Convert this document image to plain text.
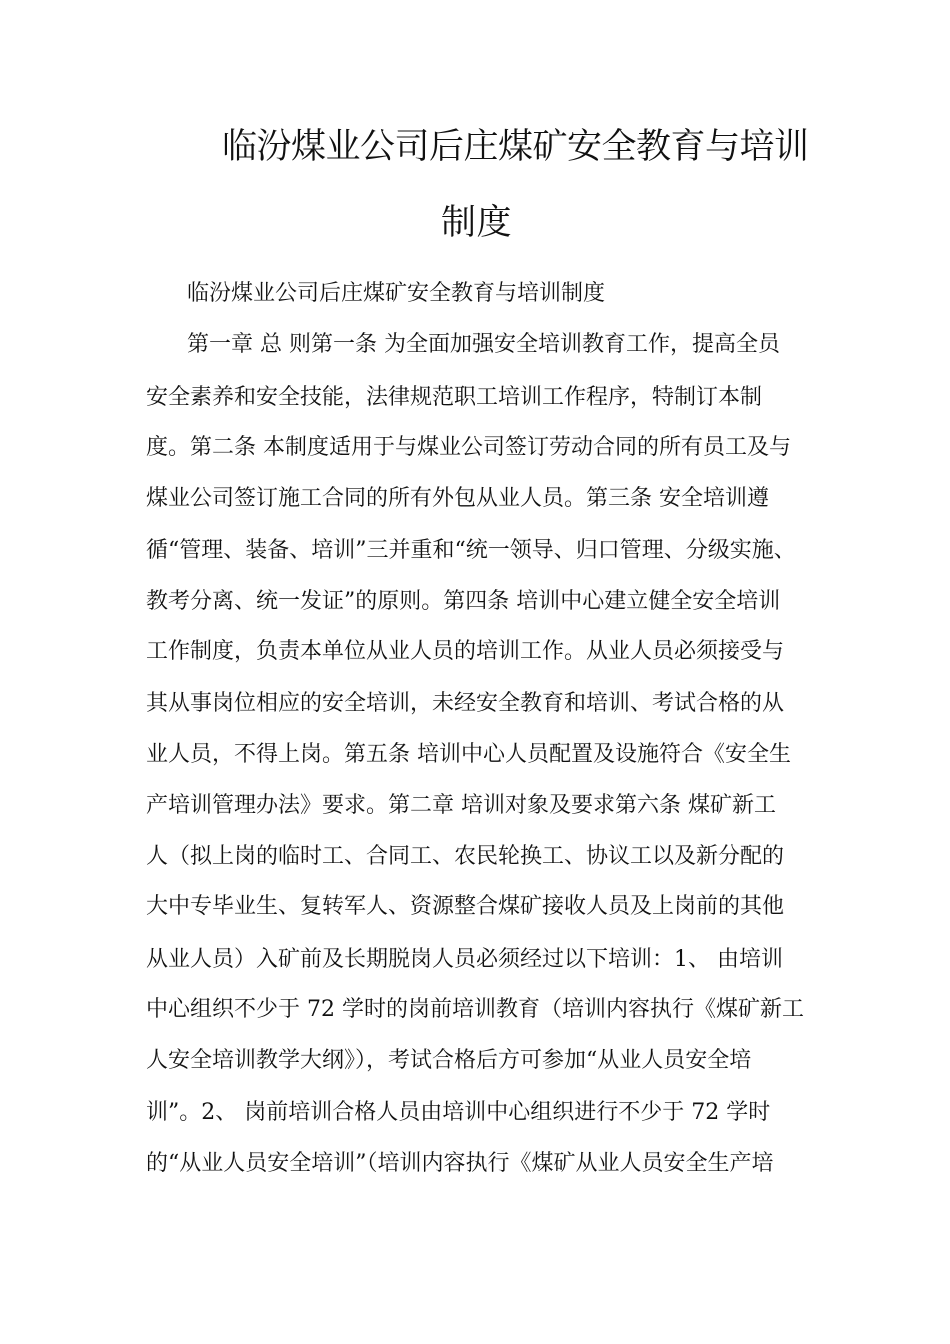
临汾煤业公司后庄煤矿安全教育与培训
制度
临汾煤业公司后庄煤矿安全教育与培训制度
第一章 总 则第一条 为全面加强安全培训教育工作，提高全员
安全素养和安全技能，法律规范职工培训工作程序，特制订本制
度。第二条 本制度适用于与煤业公司签订劳动合同的所有员工及与
煤业公司签订施工合同的所有外包从业人员。第三条 安全培训遵
循“管理、装备、培训”三并重和“统一领导、归口管理、分级实施、
教考分离、统一发证”的原则。第四条 培训中心建立健全安全培训
工作制度，负责本单位从业人员的培训工作。从业人员必须接受与
其从事岗位相应的安全培训，未经安全教育和培训、考试合格的从
业人员，不得上岗。第五条 培训中心人员配置及设施符合《安全生
产培训管理办法》要求。第二章 培训对象及要求第六条 煤矿新工
人（拟上岗的临时工、合同工、农民轮换工、协议工以及新分配的
大中专毕业生、复转军人、资源整合煤矿接收人员及上岗前的其他
从业人员）入矿前及长期脱岗人员必须经过以下培训：1、 由培训
中心组织不少于 72 学时的岗前培训教育（培训内容执行《煤矿新工
人安全培训教学大纲》），考试合格后方可参加“从业人员安全培
训”。2、 岗前培训合格人员由培训中心组织进行不少于 72 学时
的“从业人员安全培训”（培训内容执行《煤矿从业人员安全生产培
